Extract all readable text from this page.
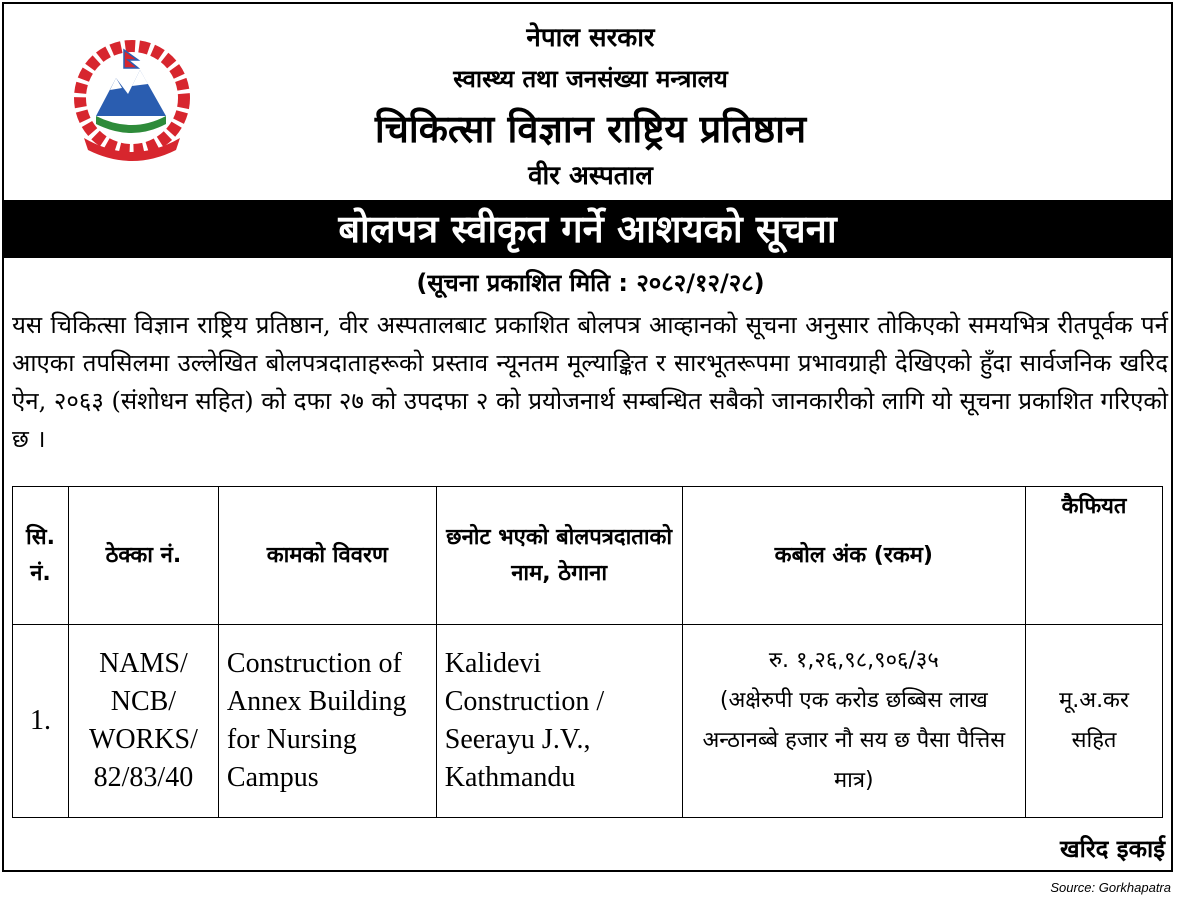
नेपाल सरकार
स्वास्थ्य तथा जनसंख्या मन्त्रालय
चिकित्सा विज्ञान राष्ट्रिय प्रतिष्ठान
वीर अस्पताल
बोलपत्र स्वीकृत गर्ने आशयको सूचना
(सूचना प्रकाशित मिति : २०८२/१२/२८)
यस चिकित्सा विज्ञान राष्ट्रिय प्रतिष्ठान, वीर अस्पतालबाट प्रकाशित बोलपत्र आव्हानको सूचना अनुसार तोकिएको समयभित्र रीतपूर्वक पर्न आएका तपसिलमा उल्लेखित बोलपत्रदाताहरूको प्रस्ताव न्यूनतम मूल्याङ्कित र सारभूतरूपमा प्रभावग्राही देखिएको हुँदा सार्वजनिक खरिद ऐन, २०६३ (संशोधन सहित) को दफा २७ को उपदफा २ को प्रयोजनार्थ सम्बन्धित सबैको जानकारीको लागि यो सूचना प्रकाशित गरिएको छ ।
सि. नं.	ठेक्का नं.	कामको विवरण	छनोट भएको बोलपत्रदाताको नाम, ठेगाना	कबोल अंक (रकम)	कैफियत
1.	NAMS/ NCB/ WORKS/ 82/83/40	Construction of Annex Building for Nursing Campus	Kalidevi Construction / Seerayu J.V., Kathmandu	रु. १,२६,९८,९०६/३५
(अक्षेरुपी एक करोड छब्बिस लाख अन्ठानब्बे हजार नौ सय छ पैसा पैत्तिस मात्र)	मू.अ.कर सहित
खरिद इकाई
Source: Gorkhapatra
